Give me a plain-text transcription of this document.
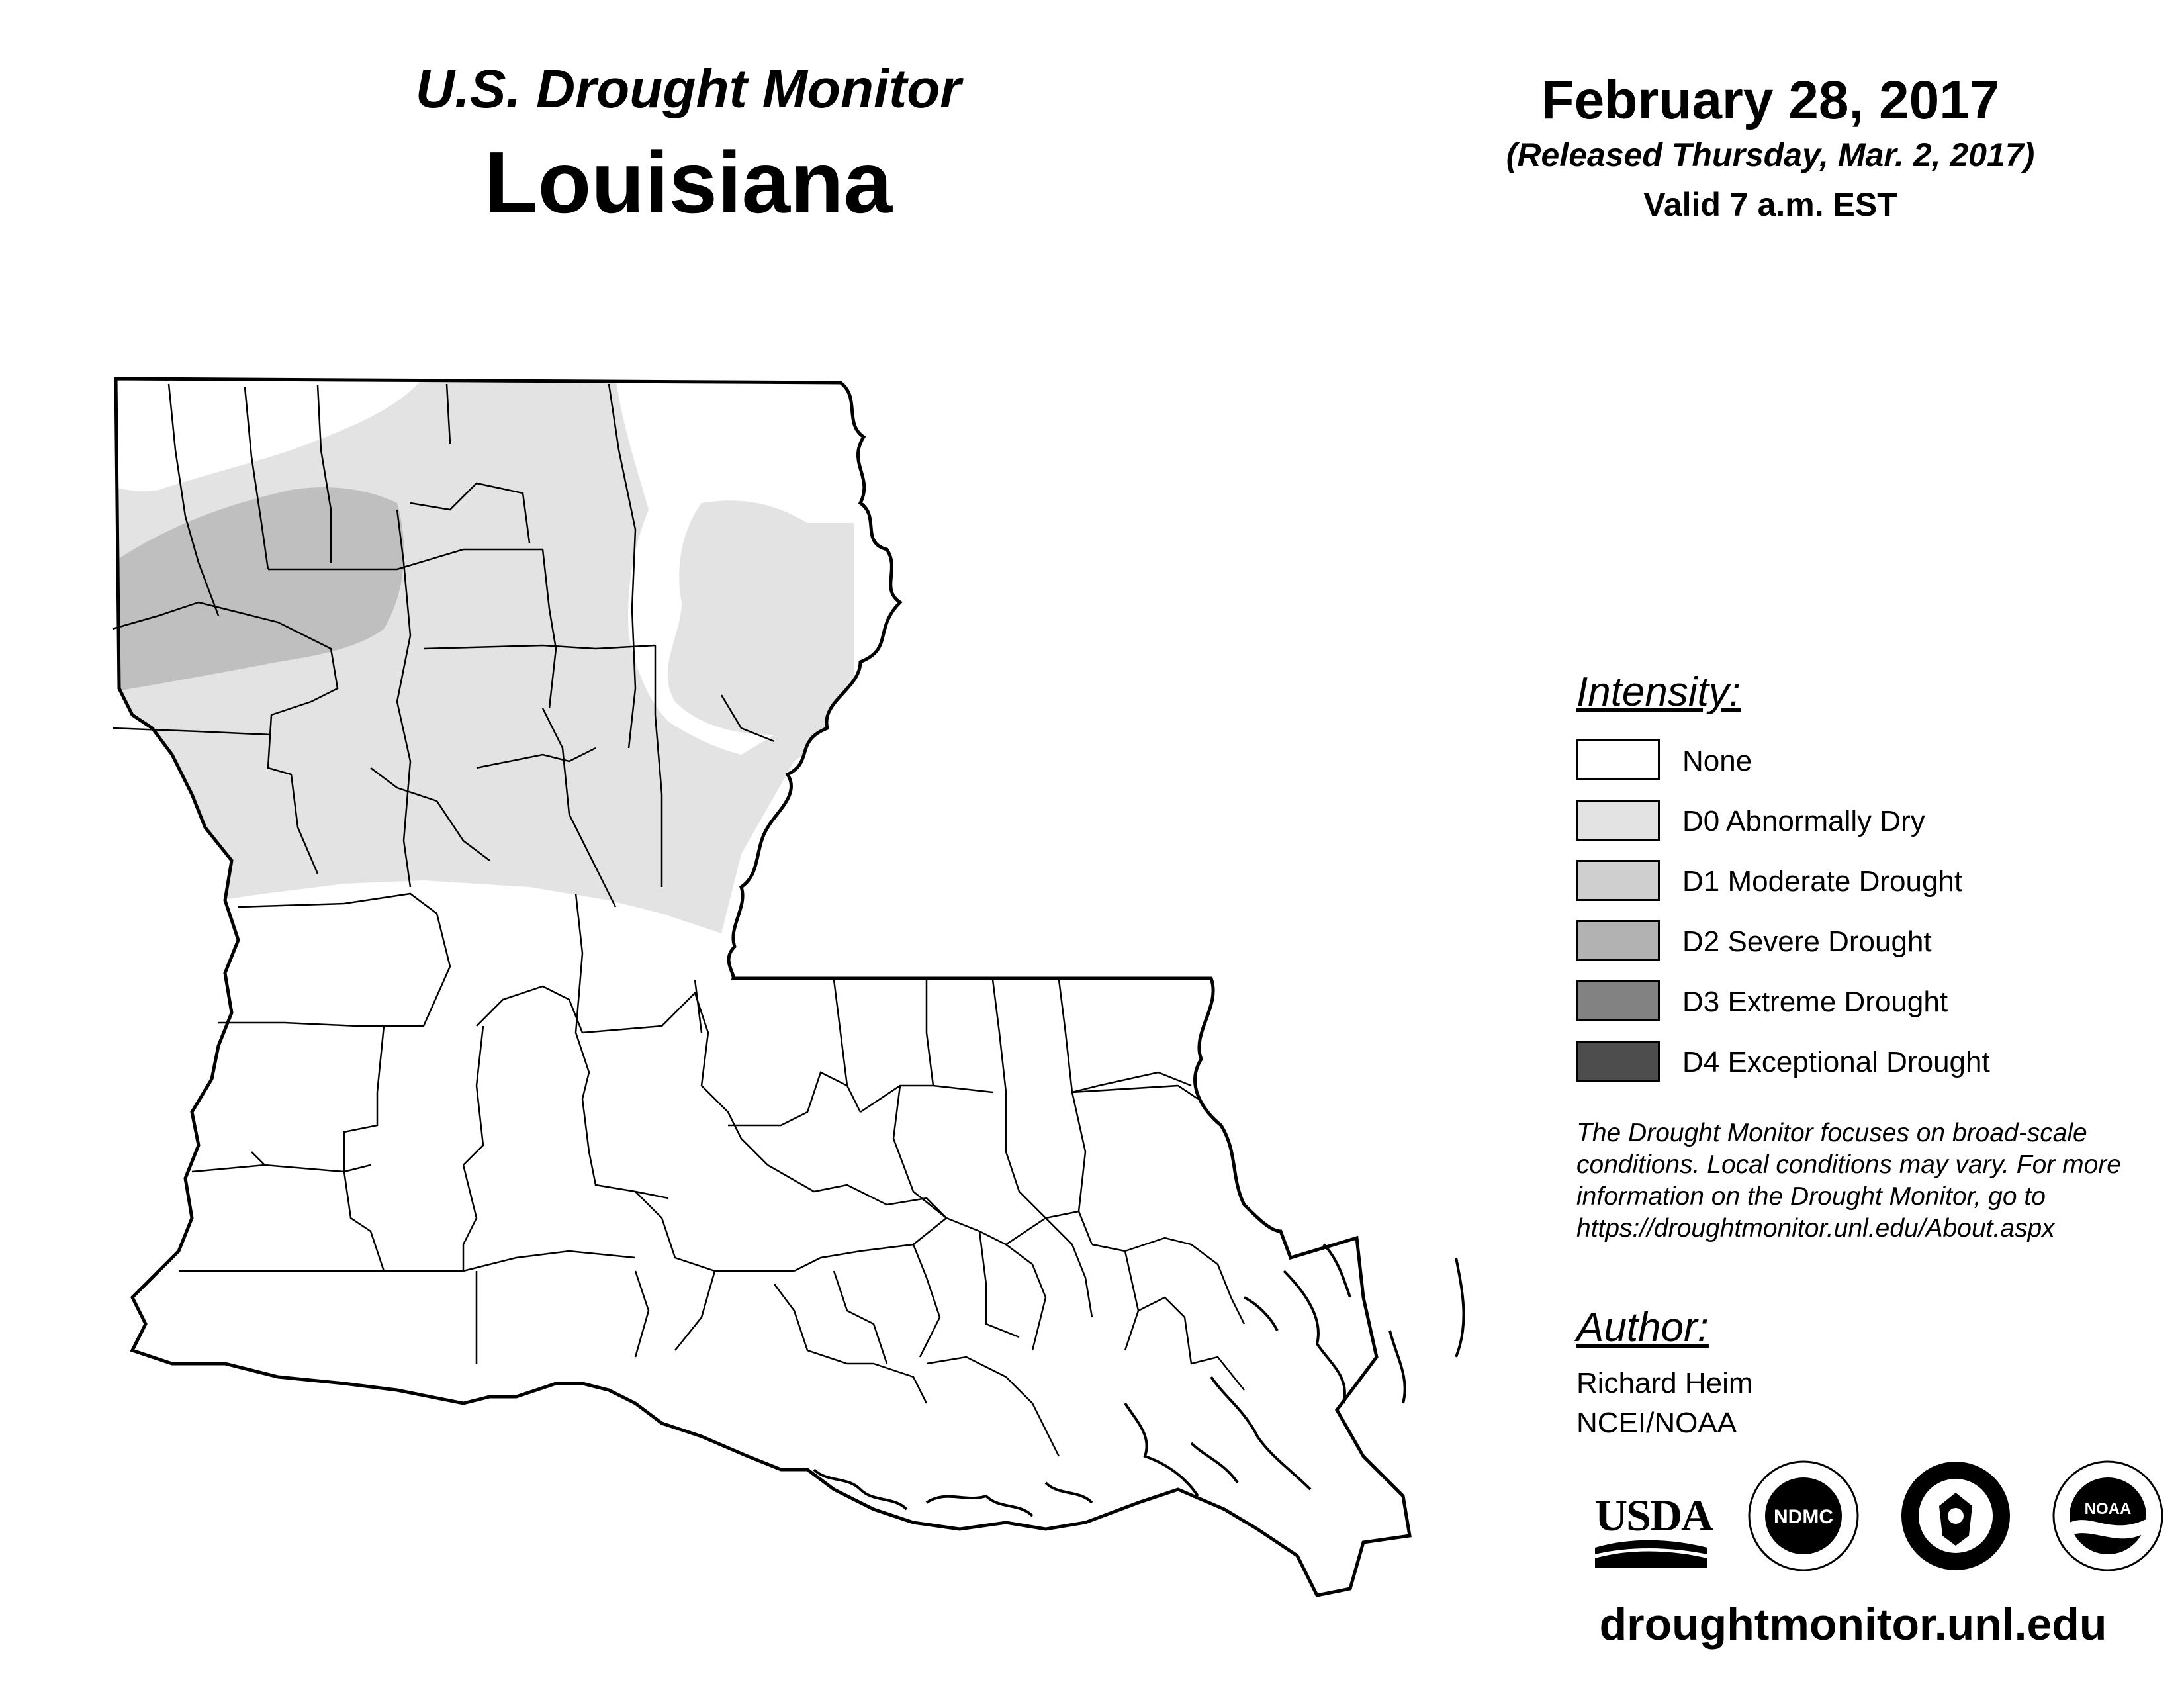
U.S. Drought Monitor
Louisiana
February 28, 2017
(Released Thursday, Mar. 2, 2017)
Valid 7 a.m. EST
Intensity:
None
D0 Abnormally Dry
D1 Moderate Drought
D2 Severe Drought
D3 Extreme Drought
D4 Exceptional Drought
The Drought Monitor focuses on broad-scale
conditions. Local conditions may vary. For more
information on the Drought Monitor, go to
https://droughtmonitor.unl.edu/About.aspx
Author:
Richard Heim
NCEI/NOAA
USDA	NDMC	NOAA
droughtmonitor.unl.edu
